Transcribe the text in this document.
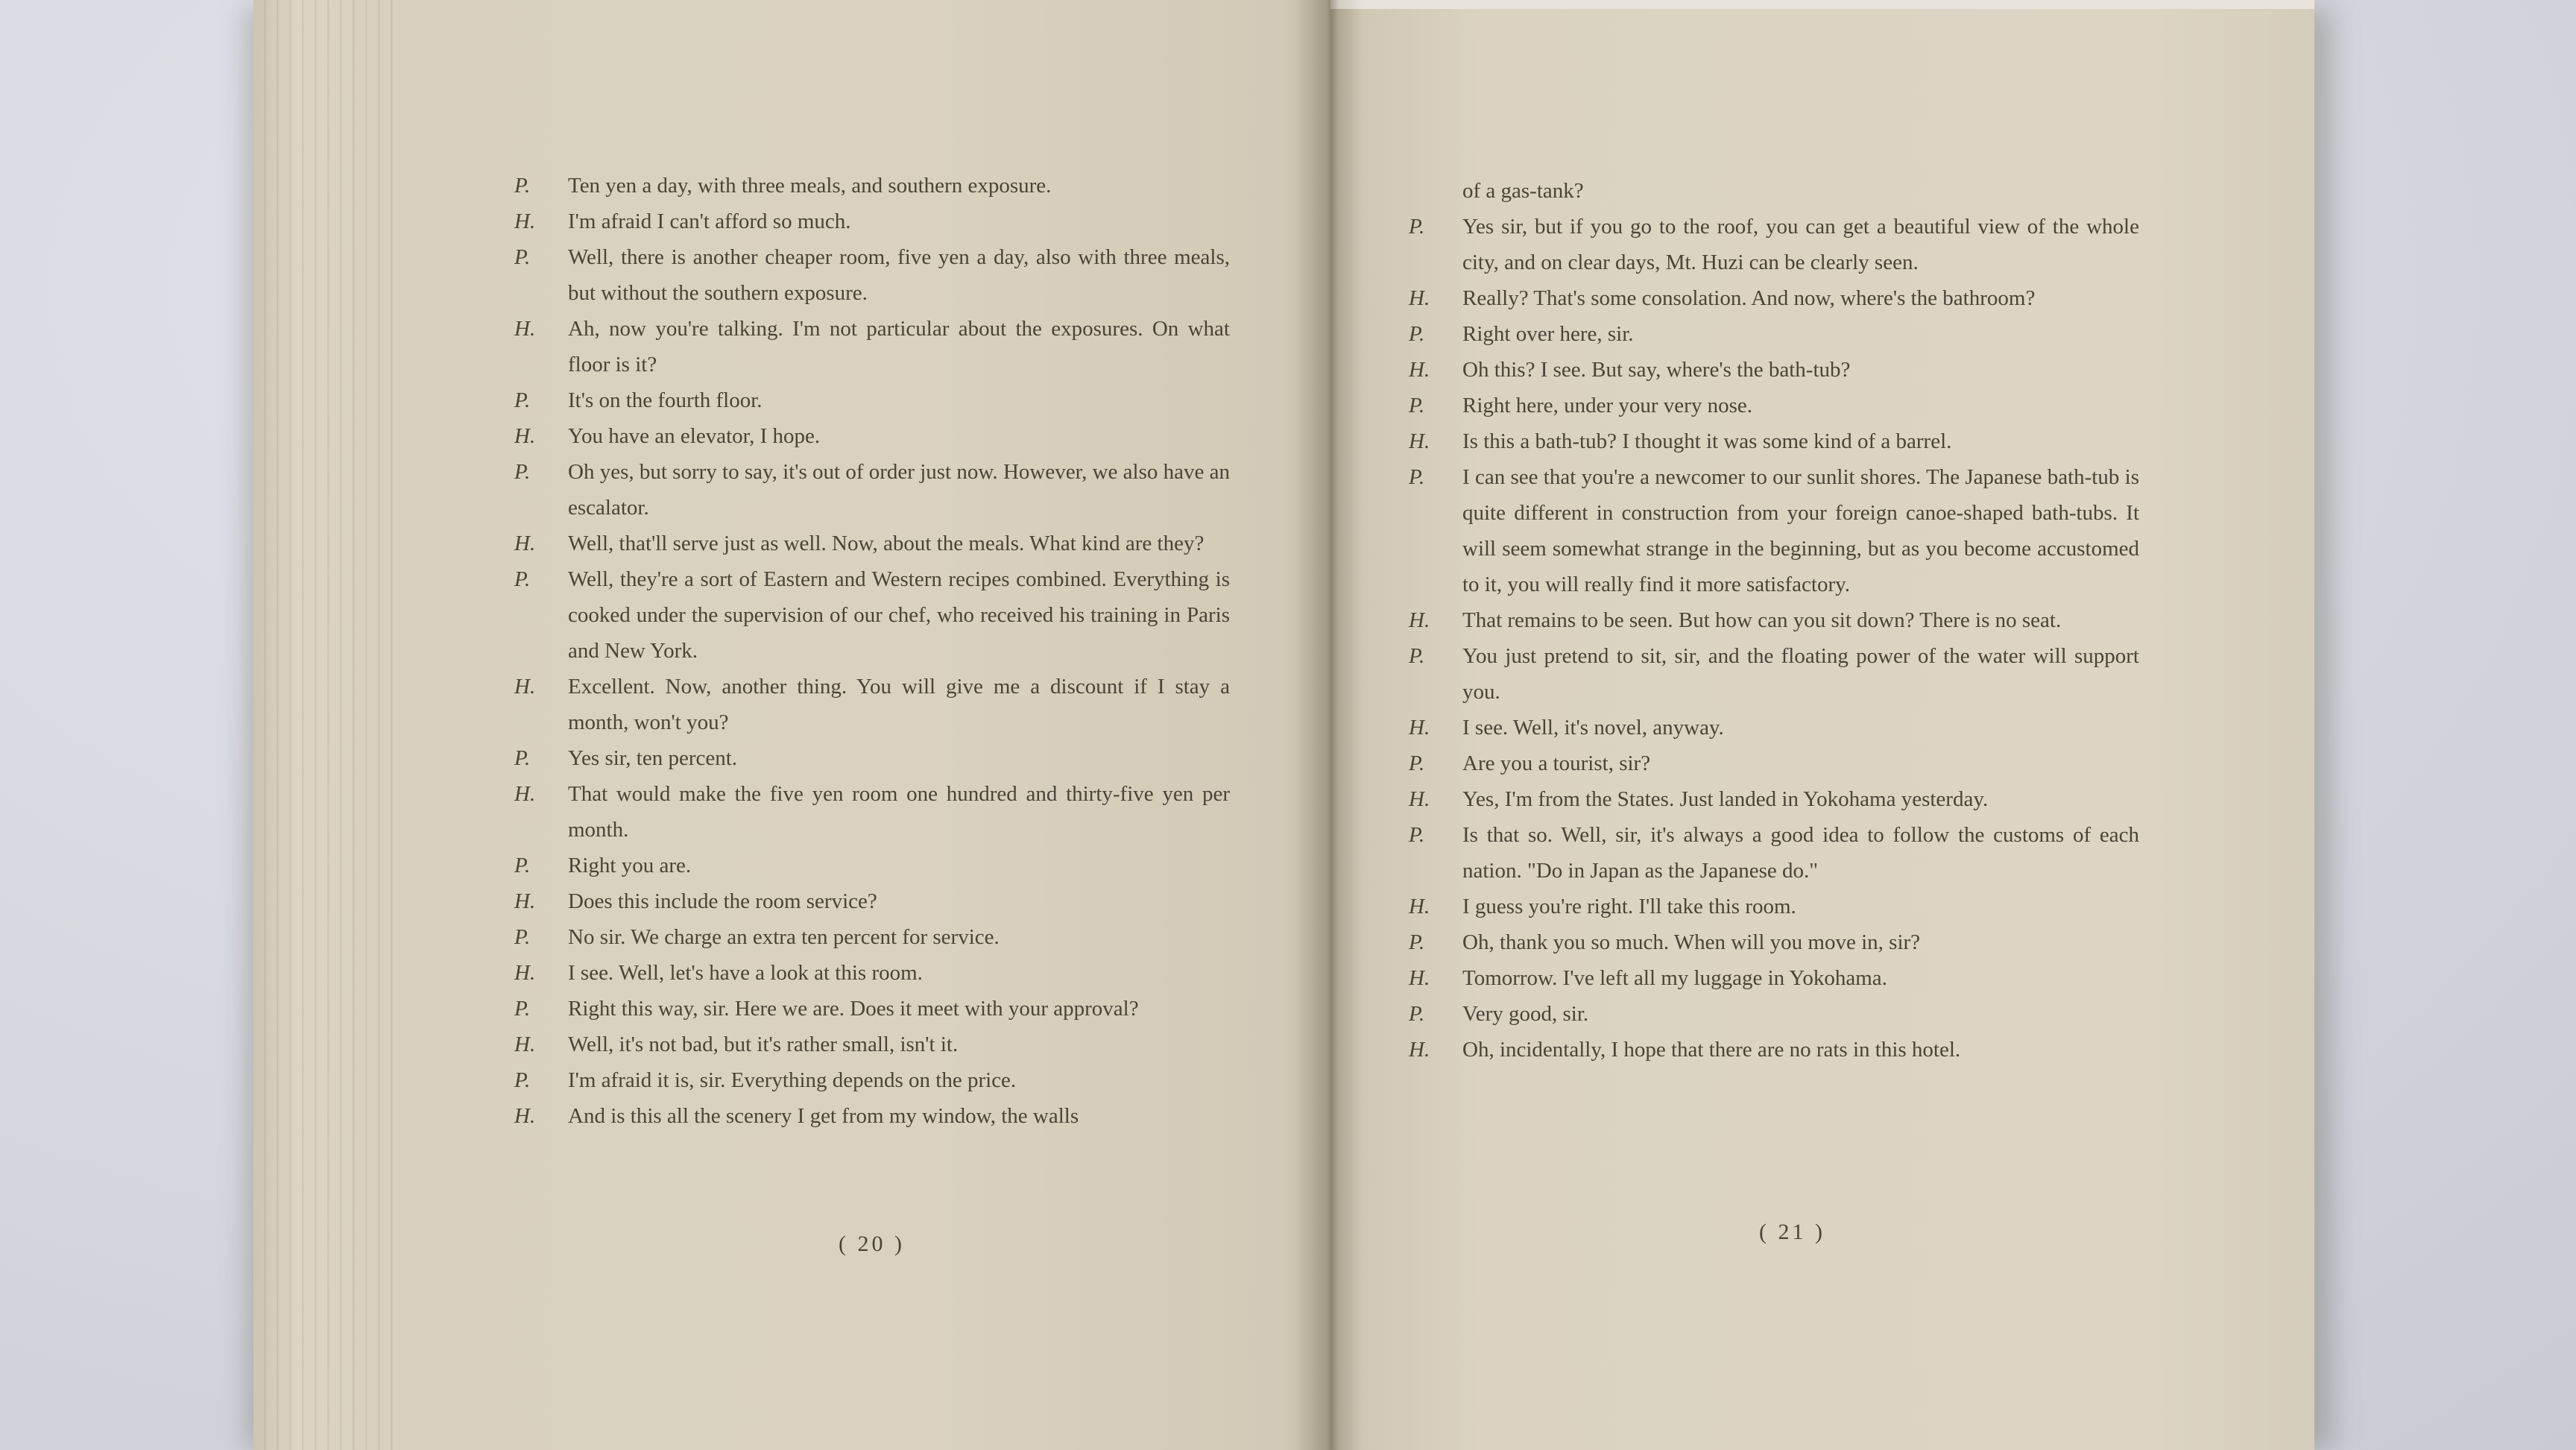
P.	Ten yen a day, with three meals, and southern exposure.
H.	I'm afraid I can't afford so much.
P.	Well, there is another cheaper room, five yen a day, also with three meals, but without the southern exposure.
H.	Ah, now you're talking. I'm not particular about the exposures. On what floor is it?
P.	It's on the fourth floor.
H.	You have an elevator, I hope.
P.	Oh yes, but sorry to say, it's out of order just now. However, we also have an escalator.
H.	Well, that'll serve just as well. Now, about the meals. What kind are they?
P.	Well, they're a sort of Eastern and Western recipes combined. Everything is cooked under the supervision of our chef, who received his training in Paris and New York.
H.	Excellent. Now, another thing. You will give me a discount if I stay a month, won't you?
P.	Yes sir, ten percent.
H.	That would make the five yen room one hundred and thirty-five yen per month.
P.	Right you are.
H.	Does this include the room service?
P.	No sir. We charge an extra ten percent for service.
H.	I see. Well, let's have a look at this room.
P.	Right this way, sir. Here we are. Does it meet with your approval?
H.	Well, it's not bad, but it's rather small, isn't it.
P.	I'm afraid it is, sir. Everything depends on the price.
H.	And is this all the scenery I get from my window, the walls
( 20 )
of a gas-tank?
P.	Yes sir, but if you go to the roof, you can get a beautiful view of the whole city, and on clear days, Mt. Huzi can be clearly seen.
H.	Really? That's some consolation. And now, where's the bathroom?
P.	Right over here, sir.
H.	Oh this? I see. But say, where's the bath-tub?
P.	Right here, under your very nose.
H.	Is this a bath-tub? I thought it was some kind of a barrel.
P.	I can see that you're a newcomer to our sunlit shores. The Japanese bath-tub is quite different in construction from your foreign canoe-shaped bath-tubs. It will seem somewhat strange in the beginning, but as you become accustomed to it, you will really find it more satisfactory.
H.	That remains to be seen. But how can you sit down? There is no seat.
P.	You just pretend to sit, sir, and the floating power of the water will support you.
H.	I see. Well, it's novel, anyway.
P.	Are you a tourist, sir?
H.	Yes, I'm from the States. Just landed in Yokohama yesterday.
P.	Is that so. Well, sir, it's always a good idea to follow the customs of each nation. "Do in Japan as the Japanese do."
H.	I guess you're right. I'll take this room.
P.	Oh, thank you so much. When will you move in, sir?
H.	Tomorrow. I've left all my luggage in Yokohama.
P.	Very good, sir.
H.	Oh, incidentally, I hope that there are no rats in this hotel.
( 21 )
